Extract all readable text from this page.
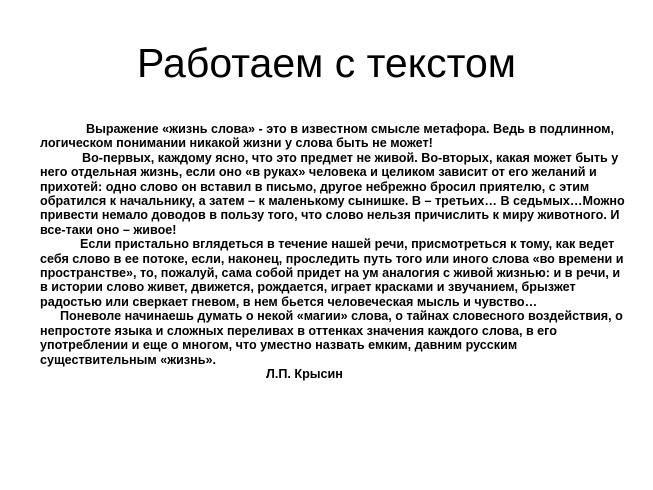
Работаем с текстом

Выражение «жизнь слова» - это в известном смысле метафора. Ведь в подлинном, логическом понимании никакой жизни у слова быть не может!

Во-первых, каждому ясно, что это предмет не живой. Во-вторых, какая может быть у него отдельная жизнь, если оно «в руках» человека и целиком зависит от его желаний и прихотей: одно слово он вставил в письмо, другое небрежно бросил приятелю, с этим обратился к начальнику, а затем – к маленькому сынишке. В – третьих… В седьмых…Можно привести немало доводов в пользу того, что слово нельзя причислить к миру животного. И все-таки оно – живое!

Если пристально вглядеться в течение нашей речи, присмотреться к тому, как ведет себя слово в ее потоке, если, наконец, проследить путь того или иного слова «во времени и пространстве», то, пожалуй, сама собой придет на ум аналогия с живой жизнью: и в речи, и в истории слово живет, движется, рождается, играет красками и звучанием, брызжет радостью или сверкает гневом, в нем бьется человеческая мысль и чувство…

Поневоле начинаешь думать о некой «магии» слова, о тайнах словесного воздействия, о непростоте языка и сложных переливах в оттенках значения каждого слова, в его употреблении и еще о многом, что уместно назвать емким, давним русским существительным «жизнь».

Л.П. Крысин
